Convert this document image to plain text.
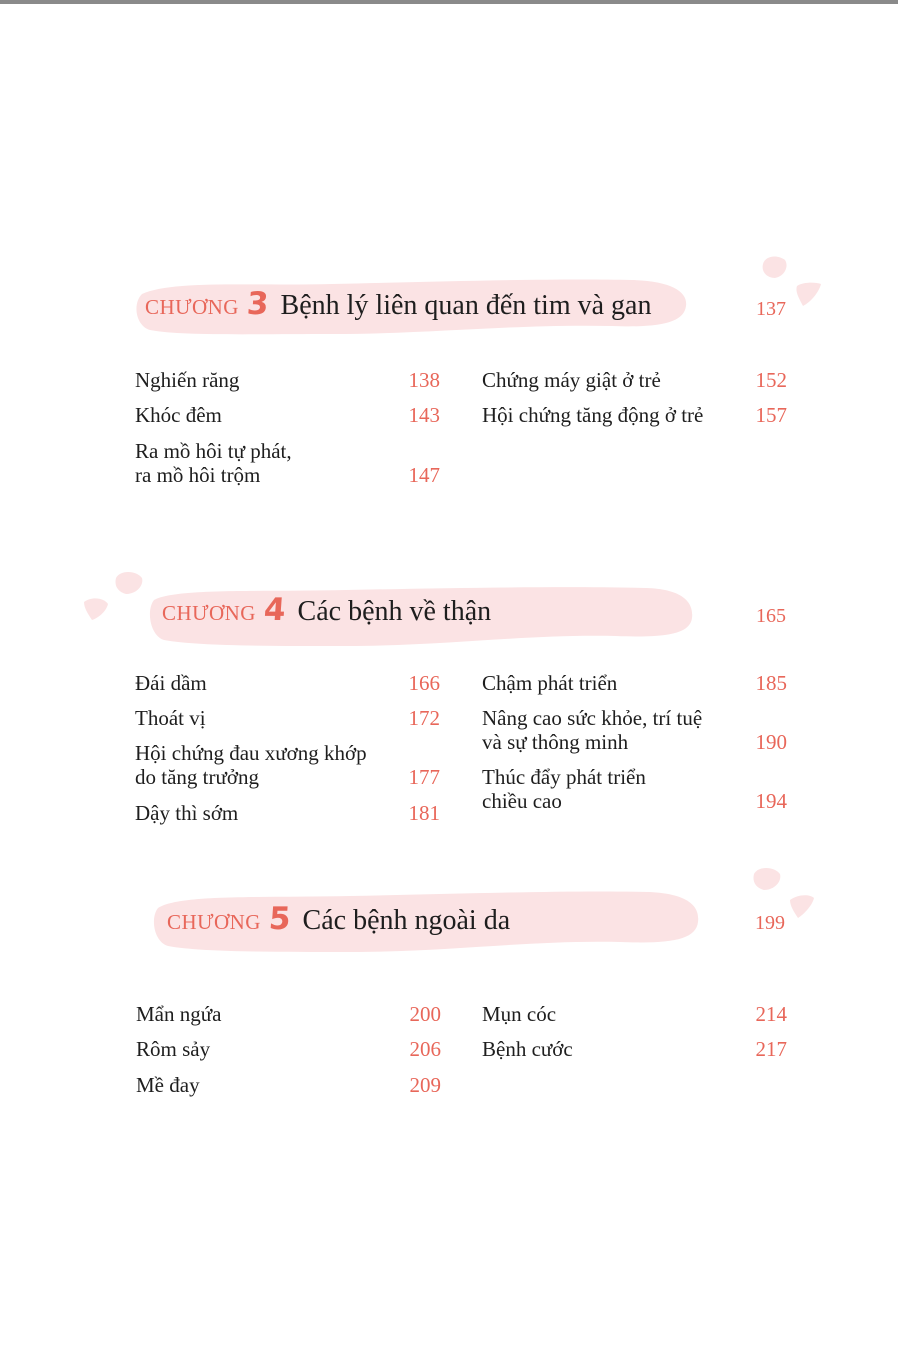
CHƯƠNG 3 Bệnh lý liên quan đến tim và gan	137
Nghiến răng	138
Khóc đêm	143
Ra mồ hôi tự phát,
ra mồ hôi trộm	147
Chứng máy giật ở trẻ	152
Hội chứng tăng động ở trẻ	157
CHƯƠNG 4 Các bệnh về thận	165
Đái dầm	166
Thoát vị	172
Hội chứng đau xương khớp
do tăng trưởng	177
Dậy thì sớm	181
Chậm phát triển	185
Nâng cao sức khỏe, trí tuệ
và sự thông minh	190
Thúc đẩy phát triển
chiều cao	194
CHƯƠNG 5 Các bệnh ngoài da	199
Mẩn ngứa	200
Rôm sảy	206
Mề đay	209
Mụn cóc	214
Bệnh cước	217
